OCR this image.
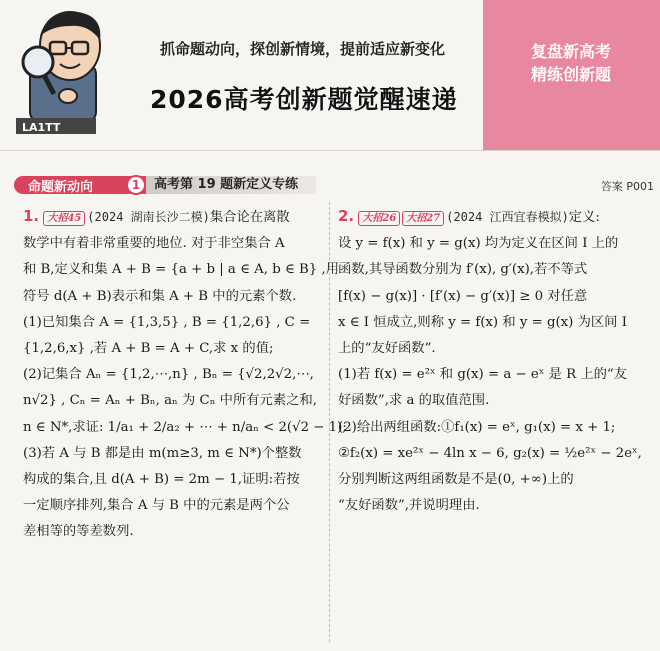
LA1TT
抓命题动向，探创新情境，提前适应新变化
2026高考创新题觉醒速递
复盘新高考
精练创新题
命题新动向	1	高考第 19 题新定义专练	答案 P001

1. 大招45 (2024 湖南长沙二模)集合论在离散

数学中有着非常重要的地位. 对于非空集合 A

和 B,定义和集 A + B = {a + b | a ∈ A, b ∈ B} ,用

符号 d(A + B)表示和集 A + B 中的元素个数.

(1)已知集合 A = {1,3,5} , B = {1,2,6} , C =

{1,2,6,x} ,若 A + B = A + C,求 x 的值;

(2)记集合 Aₙ = {1,2,⋯,n} , Bₙ = {√2,2√2,⋯,

n√2} , Cₙ = Aₙ + Bₙ, aₙ 为 Cₙ 中所有元素之和,

n ∈ N*,求证: 1/a₁ + 2/a₂ + ⋯ + n/aₙ < 2(√2 − 1);

(3)若 A 与 B 都是由 m(m≥3, m ∈ N*)个整数

构成的集合,且 d(A + B) = 2m − 1,证明:若按

一定顺序排列,集合 A 与 B 中的元素是两个公

差相等的等差数列.

2. 大招26 大招27 (2024 江西宜春模拟)定义:

设 y = f(x) 和 y = g(x) 均为定义在区间 I 上的

函数,其导函数分别为 f′(x), g′(x),若不等式

[f(x) − g(x)] · [f′(x) − g′(x)] ≥ 0 对任意

x ∈ I 恒成立,则称 y = f(x) 和 y = g(x) 为区间 I

上的“友好函数”.

(1)若 f(x) = e²ˣ 和 g(x) = a − eˣ 是 R 上的“友

好函数”,求 a 的取值范围.

(2)给出两组函数:①f₁(x) = eˣ, g₁(x) = x + 1;

②f₂(x) = xe²ˣ − 4ln x − 6, g₂(x) = ½e²ˣ − 2eˣ,

分别判断这两组函数是不是(0, +∞)上的

“友好函数”,并说明理由.
